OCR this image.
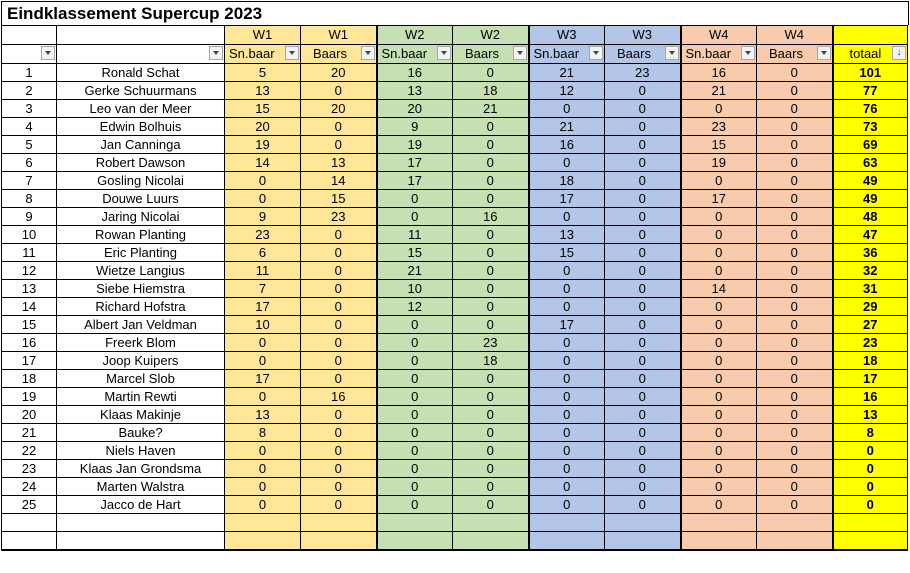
Eindklassement Supercup 2023
		W1	W1	W2	W2	W3	W3	W4	W4	

	Sn.baar	Baars	Sn.baar	Baars	Sn.baar	Baars	Sn.baar	Baars	totaal ↓

1	Ronald Schat	5	20	16	0	21	23	16	0	101
2	Gerke Schuurmans	13	0	13	18	12	0	21	0	77
3	Leo van der Meer	15	20	20	21	0	0	0	0	76
4	Edwin Bolhuis	20	0	9	0	21	0	23	0	73
5	Jan Canninga	19	0	19	0	16	0	15	0	69
6	Robert Dawson	14	13	17	0	0	0	19	0	63
7	Gosling Nicolai	0	14	17	0	18	0	0	0	49
8	Douwe Luurs	0	15	0	0	17	0	17	0	49
9	Jaring Nicolai	9	23	0	16	0	0	0	0	48
10	Rowan Planting	23	0	11	0	13	0	0	0	47
11	Eric Planting	6	0	15	0	15	0	0	0	36
12	Wietze Langius	11	0	21	0	0	0	0	0	32
13	Siebe Hiemstra	7	0	10	0	0	0	14	0	31
14	Richard Hofstra	17	0	12	0	0	0	0	0	29
15	Albert Jan Veldman	10	0	0	0	17	0	0	0	27
16	Freerk Blom	0	0	0	23	0	0	0	0	23
17	Joop Kuipers	0	0	0	18	0	0	0	0	18
18	Marcel Slob	17	0	0	0	0	0	0	0	17
19	Martin Rewti	0	16	0	0	0	0	0	0	16
20	Klaas Makinje	13	0	0	0	0	0	0	0	13
21	Bauke?	8	0	0	0	0	0	0	0	8
22	Niels Haven	0	0	0	0	0	0	0	0	0
23	Klaas Jan Grondsma	0	0	0	0	0	0	0	0	0
24	Marten Walstra	0	0	0	0	0	0	0	0	0
25	Jacco de Hart	0	0	0	0	0	0	0	0	0
